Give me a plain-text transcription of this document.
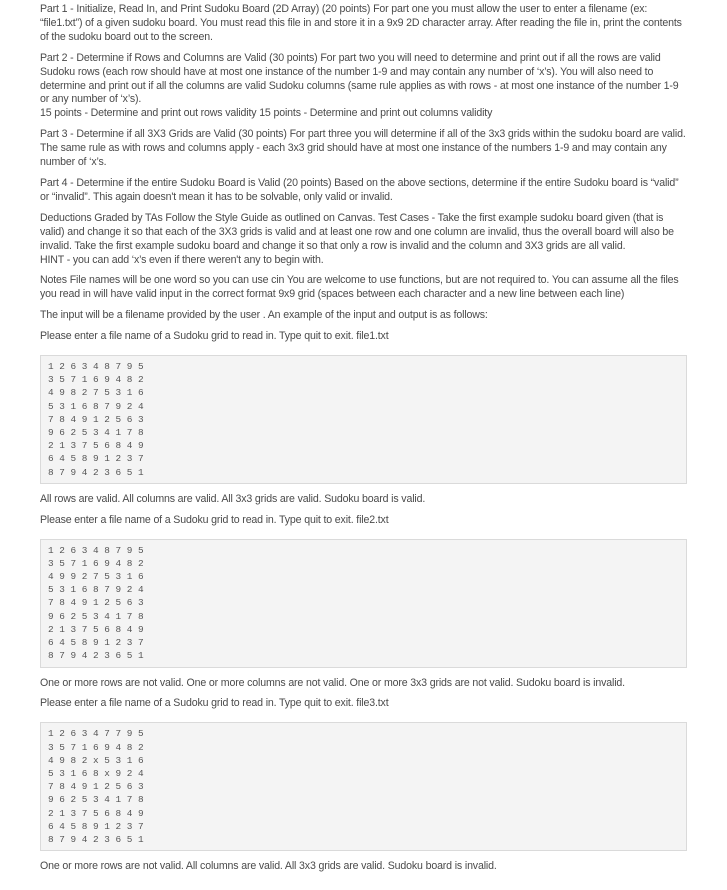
Part 1 - Initialize, Read In, and Print Sudoku Board (2D Array) (20 points) For part one you must allow the user to enter a filename (ex: “file1.txt”) of a given sudoku board. You must read this file in and store it in a 9x9 2D character array. After reading the file in, print the contents of the sudoku board out to the screen.

Part 2 - Determine if Rows and Columns are Valid (30 points) For part two you will need to determine and print out if all the rows are valid Sudoku rows (each row should have at most one instance of the number 1-9 and may contain any number of ‘x’s). You will also need to determine and print out if all the columns are valid Sudoku columns (same rule applies as with rows - at most one instance of the number 1-9 or any number of ‘x’s).
15 points - Determine and print out rows validity 15 points - Determine and print out columns validity

Part 3 - Determine if all 3X3 Grids are Valid (30 points) For part three you will determine if all of the 3x3 grids within the sudoku board are valid. The same rule as with rows and columns apply - each 3x3 grid should have at most one instance of the numbers 1-9 and may contain any number of ‘x’s.

Part 4 - Determine if the entire Sudoku Board is Valid (20 points) Based on the above sections, determine if the entire Sudoku board is “valid” or “invalid”. This again doesn't mean it has to be solvable, only valid or invalid.

Deductions Graded by TAs Follow the Style Guide as outlined on Canvas. Test Cases - Take the first example sudoku board given (that is valid) and change it so that each of the 3X3 grids is valid and at least one row and one column are invalid, thus the overall board will also be invalid. Take the first example sudoku board and change it so that only a row is invalid and the column and 3X3 grids are all valid.
HINT - you can add ‘x’s even if there weren't any to begin with.

Notes File names will be one word so you can use cin You are welcome to use functions, but are not required to. You can assume all the files you read in will have valid input in the correct format 9x9 grid (spaces between each character and a new line between each line)

The input will be a filename provided by the user . An example of the input and output is as follows:

Please enter a file name of a Sudoku grid to read in. Type quit to exit. file1.txt

1 2 6 3 4 8 7 9 5
3 5 7 1 6 9 4 8 2
4 9 8 2 7 5 3 1 6
5 3 1 6 8 7 9 2 4
7 8 4 9 1 2 5 6 3
9 6 2 5 3 4 1 7 8
2 1 3 7 5 6 8 4 9
6 4 5 8 9 1 2 3 7
8 7 9 4 2 3 6 5 1

All rows are valid. All columns are valid. All 3x3 grids are valid. Sudoku board is valid.

Please enter a file name of a Sudoku grid to read in. Type quit to exit. file2.txt

1 2 6 3 4 8 7 9 5
3 5 7 1 6 9 4 8 2
4 9 9 2 7 5 3 1 6
5 3 1 6 8 7 9 2 4
7 8 4 9 1 2 5 6 3
9 6 2 5 3 4 1 7 8
2 1 3 7 5 6 8 4 9
6 4 5 8 9 1 2 3 7
8 7 9 4 2 3 6 5 1

One or more rows are not valid. One or more columns are not valid. One or more 3x3 grids are not valid. Sudoku board is invalid.

Please enter a file name of a Sudoku grid to read in. Type quit to exit. file3.txt

1 2 6 3 4 7 7 9 5
3 5 7 1 6 9 4 8 2
4 9 8 2 x 5 3 1 6
5 3 1 6 8 x 9 2 4
7 8 4 9 1 2 5 6 3
9 6 2 5 3 4 1 7 8
2 1 3 7 5 6 8 4 9
6 4 5 8 9 1 2 3 7
8 7 9 4 2 3 6 5 1

One or more rows are not valid. All columns are valid. All 3x3 grids are valid. Sudoku board is invalid.
